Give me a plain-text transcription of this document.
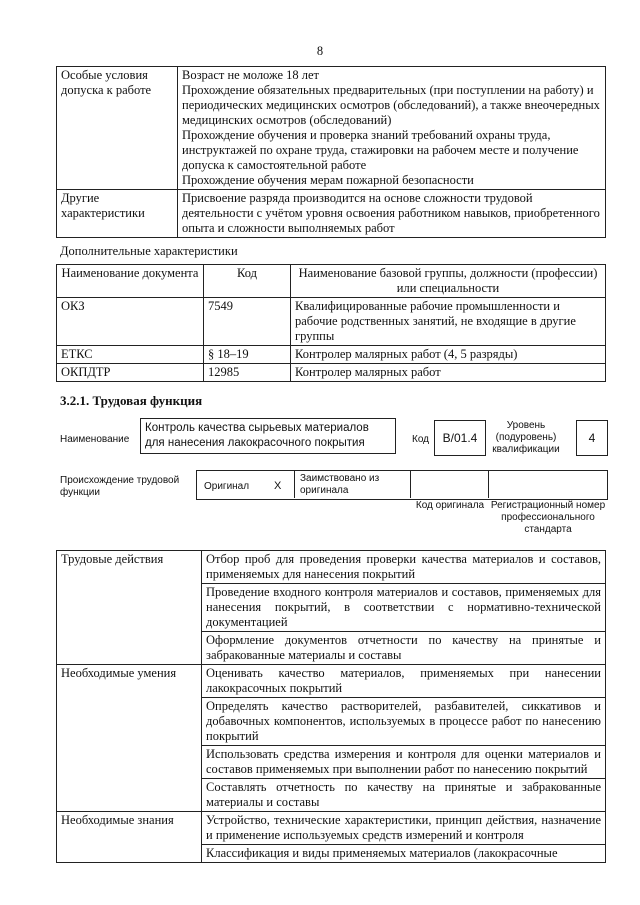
8
Особые условия допуска к работе	Возраст не моложе 18 лет
Прохождение обязательных предварительных (при поступлении на работу) и периодических медицинских осмотров (обследований), а также внеочередных медицинских осмотров (обследований)
Прохождение обучения и проверка знаний требований охраны труда, инструктажей по охране труда, стажировки на рабочем месте и получение допуска к самостоятельной работе
Прохождение обучения мерам пожарной безопасности

Другие характеристики	Присвоение разряда производится на основе сложности трудовой деятельности с учётом уровня освоения работником навыков, приобретенного опыта и сложности выполняемых работ
Дополнительные характеристики
Наименование документа	Код	Наименование базовой группы, должности (профессии) или специальности
ОКЗ	7549	Квалифицированные рабочие промышленности и рабочие родственных занятий, не входящие в другие группы
ЕТКС	§ 18–19	Контролер малярных работ (4, 5 разряды)
ОКПДТР	12985	Контролер малярных работ
3.2.1. Трудовая функция
Наименование
Контроль качества сырьевых материалов для нанесения лакокрасочного покрытия	Код	B/01.4
Уровень (подуровень) квалификации
4
Происхождение трудовой функции
Оригинал Х
Заимствовано из оригинала
Код оригинала Регистрационный номер профессионального стандарта
Трудовые действия	Отбор проб для проведения проверки качества материалов и составов, применяемых для нанесения покрытий
	Проведение входного контроля материалов и составов, применяемых для нанесения покрытий, в соответствии с нормативно-технической документацией
	Оформление документов отчетности по качеству на принятые и забракованные материалы и составы
Необходимые умения	Оценивать качество материалов, применяемых при нанесении лакокрасочных покрытий
	Определять качество растворителей, разбавителей, сиккативов и добавочных компонентов, используемых в процессе работ по нанесению покрытий
	Использовать средства измерения и контроля для оценки материалов и составов применяемых при выполнении работ по нанесению покрытий
	Составлять отчетность по качеству на принятые и забракованные материалы и составы
Необходимые знания	Устройство, технические характеристики, принцип действия, назначение и применение используемых средств измерений и контроля
	Классификация и виды применяемых материалов (лакокрасочные
